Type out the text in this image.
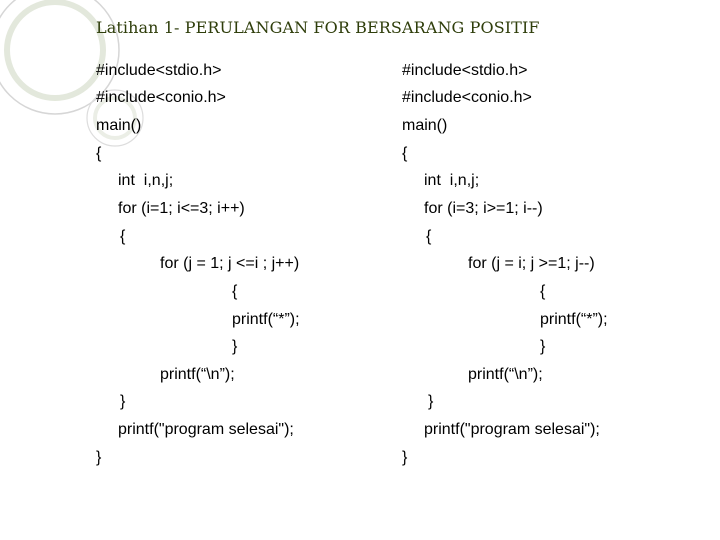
Latihan 1- PERULANGAN FOR BERSARANG POSITIF
#include<stdio.h>
#include<conio.h>
main()
{
int  i,n,j;
for (i=1; i<=3; i++)
{
for (j = 1; j <=i ; j++)
{
printf(“*”);
}
printf(“\n”);
}
printf("program selesai");
}
#include<stdio.h>
#include<conio.h>
main()
{
int  i,n,j;
for (i=3; i>=1; i--)
{
for (j = i; j >=1; j--)
{
printf(“*”);
}
printf(“\n”);
}
printf("program selesai");
}
